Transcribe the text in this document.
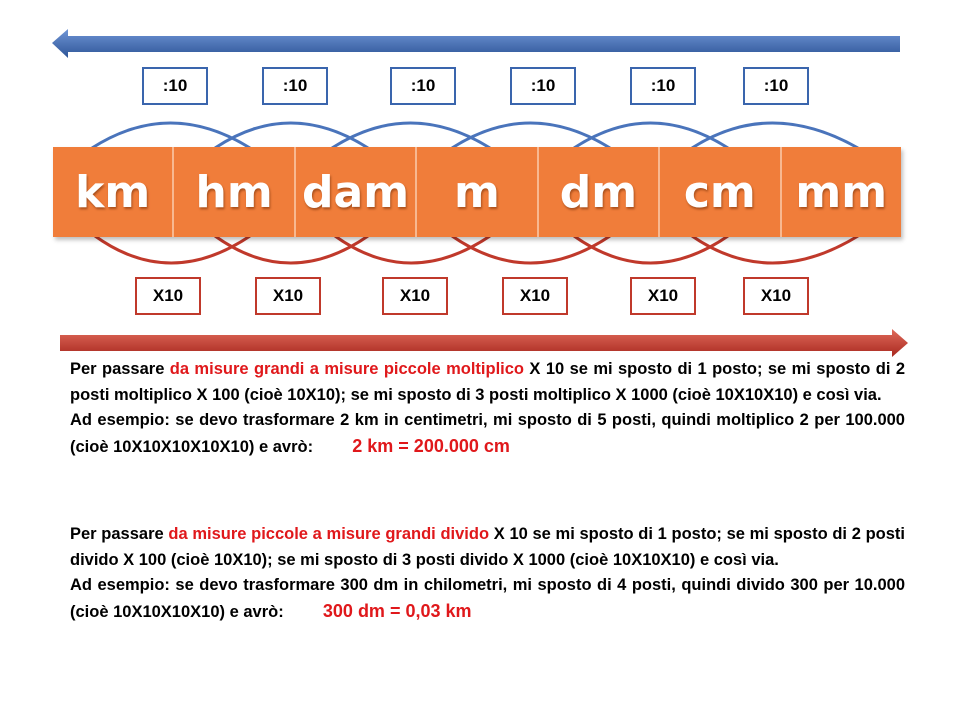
:10	:10	:10	:10	:10	:10
km	hm dam	m	dm	cm mm
X10	X10	X10	X10	X10	X10
Per passare da misure grandi a misure piccole moltiplico X 10 se mi sposto di 1 posto; se mi sposto di 2 posti moltiplico X 100 (cioè 10X10); se mi sposto di 3 posti moltiplico X 1000 (cioè 10X10X10) e così via.
Ad esempio: se devo trasformare 2 km in centimetri, mi sposto di 5 posti, quindi moltiplico 2 per 100.000 (cioè 10X10X10X10X10) e avrò: 2 km = 200.000 cm
Per passare da misure piccole a misure grandi divido X 10 se mi sposto di 1 posto; se mi sposto di 2 posti divido X 100 (cioè 10X10); se mi sposto di 3 posti divido X 1000 (cioè 10X10X10) e così via.
Ad esempio: se devo trasformare 300 dm in chilometri, mi sposto di 4 posti, quindi divido 300 per 10.000 (cioè 10X10X10X10) e avrò: 300 dm = 0,03 km
